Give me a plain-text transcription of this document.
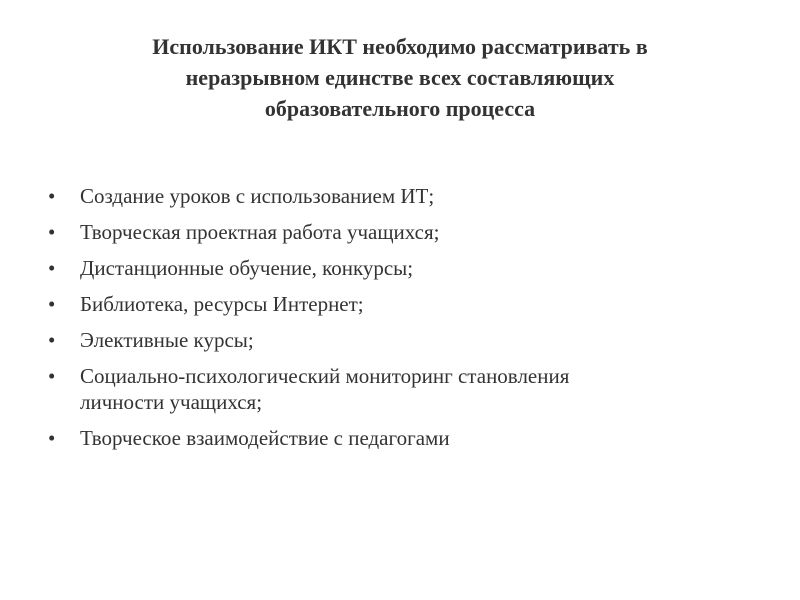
Использование ИКТ необходимо рассматривать в
неразрывном единстве всех составляющих
образовательного процесса
•	Создание уроков с использованием ИТ;
•	Творческая проектная работа учащихся;
•	Дистанционные обучение, конкурсы;
•	Библиотека, ресурсы Интернет;
•	Элективные курсы;
•	Социально-психологический мониторинг становления
личности учащихся;
•	Творческое взаимодействие с педагогами
